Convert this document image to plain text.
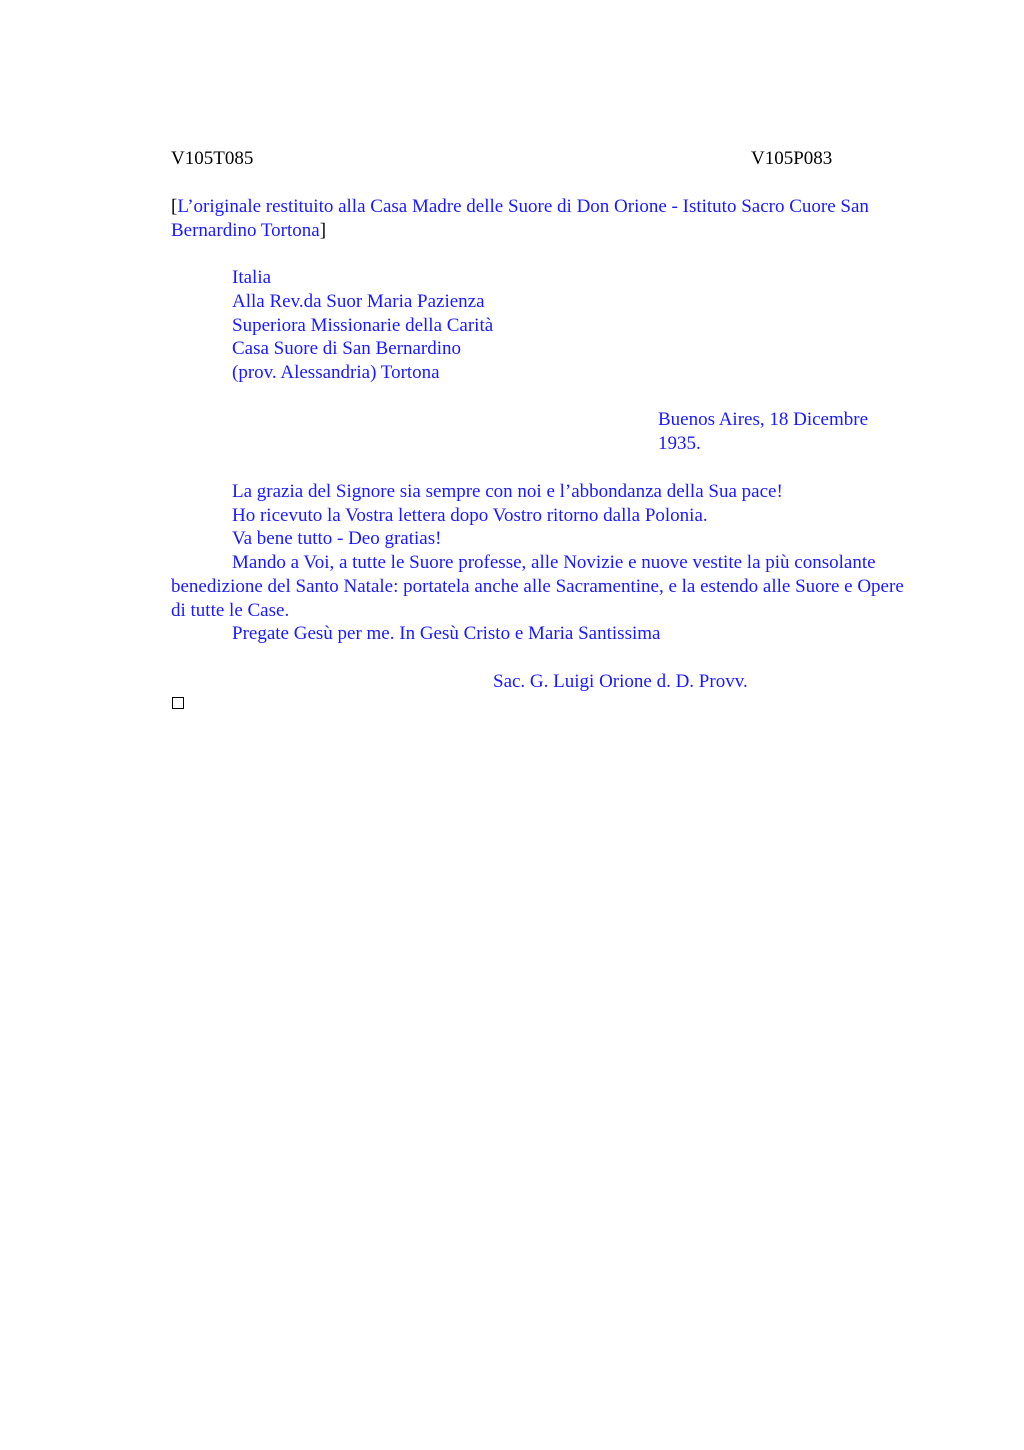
V105T085	V105P083
[L’originale restituito alla Casa Madre delle Suore di Don Orione - Istituto Sacro Cuore San Bernardino Tortona]
Italia
Alla Rev.da Suor Maria Pazienza
Superiora Missionarie della Carità
Casa Suore di San Bernardino
(prov. Alessandria) Tortona
Buenos Aires, 18 Dicembre 1935.

La grazia del Signore sia sempre con noi e l’abbondanza della Sua pace!

Ho ricevuto la Vostra lettera dopo Vostro ritorno dalla Polonia.

Va bene tutto - Deo gratias!

Mando a Voi, a tutte le Suore professe, alle Novizie e nuove vestite la più consolante benedizione del Santo Natale: portatela anche alle Sacramentine, e la estendo alle Suore e Opere di tutte le Case.

Pregate Gesù per me. In Gesù Cristo e Maria Santissima

Sac. G. Luigi Orione d. D. Provv.
